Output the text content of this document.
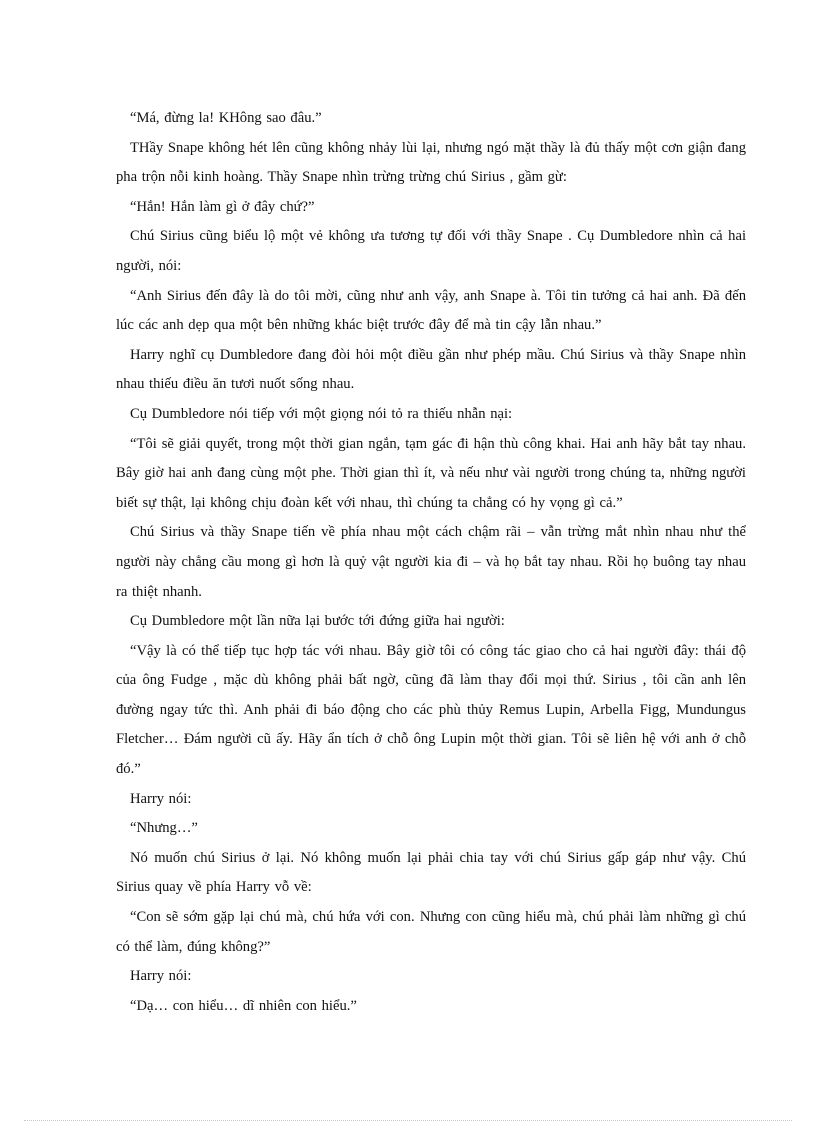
“Má, đừng la! KHông sao đâu.”

THầy Snape không hét lên cũng không nhảy lùi lại, nhưng ngó mặt thầy là đủ thấy một cơn giận đang pha trộn nỗi kinh hoàng. Thầy Snape nhìn trừng trừng chú Sirius , gầm gừ:

“Hắn! Hắn làm gì ở đây chứ?”

Chú Sirius cũng biểu lộ một vẻ không ưa tương tự đối với thầy Snape . Cụ Dumbledore nhìn cả hai người, nói:

“Anh Sirius đến đây là do tôi mời, cũng như anh vậy, anh Snape à. Tôi tin tưởng cả hai anh. Đã đến lúc các anh dẹp qua một bên những khác biệt trước đây để mà tin cậy lẫn nhau.”

Harry nghĩ cụ Dumbledore đang đòi hỏi một điều gần như phép mầu. Chú Sirius và thầy Snape nhìn nhau thiếu điều ăn tươi nuốt sống nhau.

Cụ Dumbledore nói tiếp với một giọng nói tỏ ra thiếu nhẫn nại:

“Tôi sẽ giải quyết, trong một thời gian ngắn, tạm gác đi hận thù công khai. Hai anh hãy bắt tay nhau. Bây giờ hai anh đang cùng một phe. Thời gian thì ít, và nếu như vài người trong chúng ta, những người biết sự thật, lại không chịu đoàn kết với nhau, thì chúng ta chẳng có hy vọng gì cả.”

Chú Sirius và thầy Snape tiến về phía nhau một cách chậm rãi – vẫn trừng mắt nhìn nhau như thể người này chẳng cầu mong gì hơn là quỷ vật người kia đi – và họ bắt tay nhau. Rồi họ buông tay nhau ra thiệt nhanh.

Cụ Dumbledore một lần nữa lại bước tới đứng giữa hai người:

“Vậy là có thể tiếp tục hợp tác với nhau. Bây giờ tôi có công tác giao cho cả hai người đây: thái độ của ông Fudge , mặc dù không phải bất ngờ, cũng đã làm thay đổi mọi thứ. Sirius , tôi cần anh lên đường ngay tức thì. Anh phải đi báo động cho các phù thủy Remus Lupin, Arbella Figg, Mundungus Fletcher… Đám người cũ ấy. Hãy ẩn tích ở chỗ ông Lupin một thời gian. Tôi sẽ liên hệ với anh ở chỗ đó.”

Harry nói:

“Nhưng…”

Nó muốn chú Sirius ở lại. Nó không muốn lại phải chia tay với chú Sirius gấp gáp như vậy. Chú Sirius quay về phía Harry vỗ về:

“Con sẽ sớm gặp lại chú mà, chú hứa với con. Nhưng con cũng hiểu mà, chú phải làm những gì chú có thể làm, đúng không?”

Harry nói:

“Dạ… con hiểu… dĩ nhiên con hiểu.”
